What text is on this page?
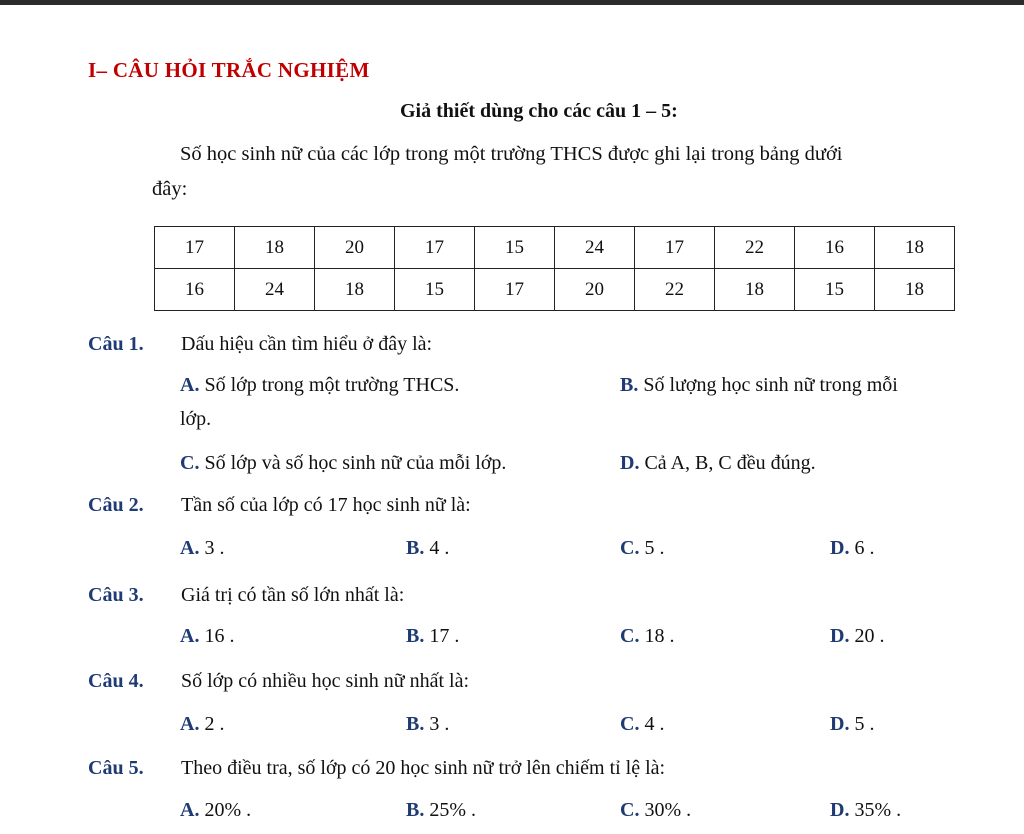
I– CÂU HỎI TRẮC NGHIỆM
Giả thiết dùng cho các câu 1 – 5:
Số học sinh nữ của các lớp trong một trường THCS được ghi lại trong bảng dưới
đây:
17	18	20	17	15	24	17	22	16	18
16	24	18	15	17	20	22	18	15	18
Câu 1. Dấu hiệu cần tìm hiểu ở đây là:
A. Số lớp trong một trường THCS.	B. Số lượng học sinh nữ trong mỗi
lớp.
C. Số lớp và số học sinh nữ của mỗi lớp.	D. Cả A, B, C đều đúng.
Câu 2. Tần số của lớp có 17 học sinh nữ là:
A. 3 .	B. 4 .	C. 5 .	D. 6 .
Câu 3. Giá trị có tần số lớn nhất là:
A. 16 .	B. 17 .	C. 18 .	D. 20 .
Câu 4. Số lớp có nhiều học sinh nữ nhất là:
A. 2 .	B. 3 .	C. 4 .	D. 5 .
Câu 5. Theo điều tra, số lớp có 20 học sinh nữ trở lên chiếm tỉ lệ là:
A. 20% .	B. 25% .	C. 30% .	D. 35% .
